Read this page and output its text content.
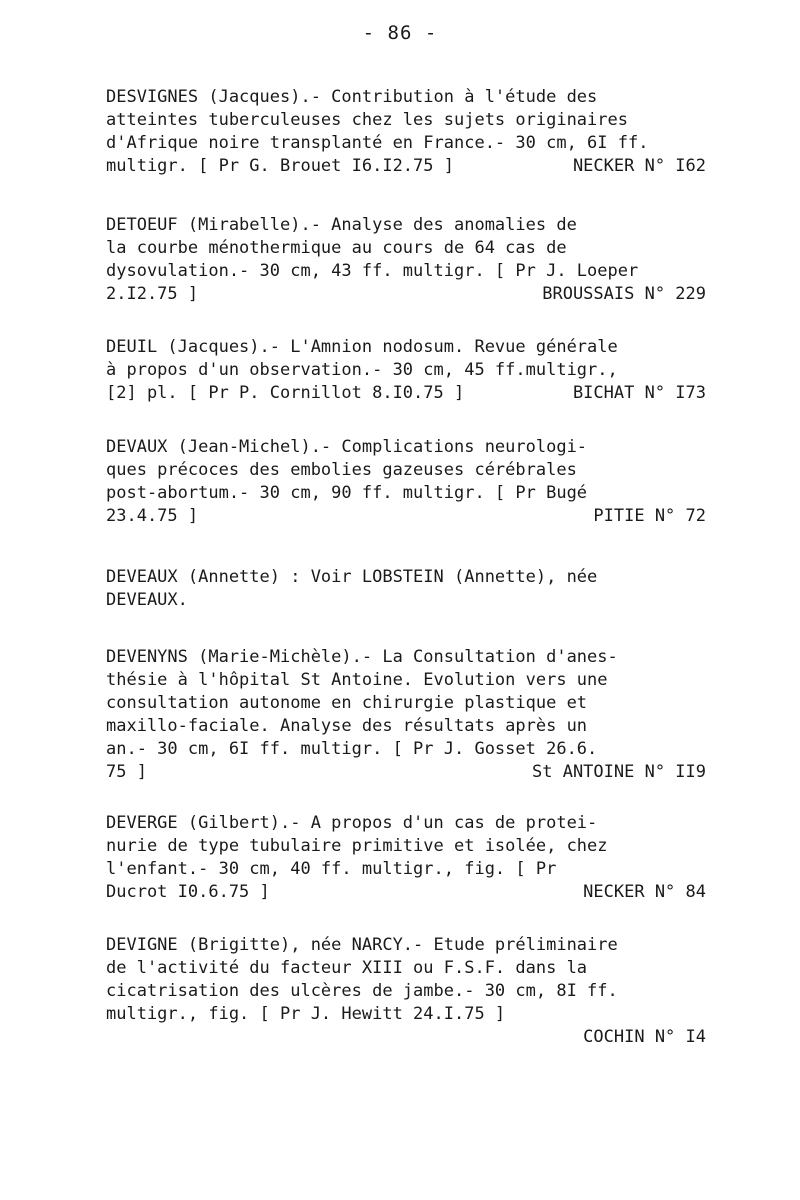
- 86 -
DESVIGNES (Jacques).- Contribution à l'étude des
atteintes tuberculeuses chez les sujets originaires
d'Afrique noire transplanté en France.- 30 cm, 6I ff.
multigr. [ Pr G. Brouet I6.I2.75 ]	NECKER N° I62
DETOEUF (Mirabelle).- Analyse des anomalies de
la courbe ménothermique au cours de 64 cas de
dysovulation.- 30 cm, 43 ff. multigr. [ Pr J. Loeper
2.I2.75 ]	BROUSSAIS N° 229
DEUIL (Jacques).- L'Amnion nodosum. Revue générale
à propos d'un observation.- 30 cm, 45 ff.multigr.,
[2] pl. [ Pr P. Cornillot 8.I0.75 ]	BICHAT N° I73
DEVAUX (Jean-Michel).- Complications neurologi-
ques précoces des embolies gazeuses cérébrales
post-abortum.- 30 cm, 90 ff. multigr. [ Pr Bugé
23.4.75 ]	PITIE N° 72
DEVEAUX (Annette) : Voir LOBSTEIN (Annette), née
DEVEAUX.
DEVENYNS (Marie-Michèle).- La Consultation d'anes-
thésie à l'hôpital St Antoine. Evolution vers une
consultation autonome en chirurgie plastique et
maxillo-faciale. Analyse des résultats après un
an.- 30 cm, 6I ff. multigr. [ Pr J. Gosset 26.6.
75 ]	St ANTOINE N° II9
DEVERGE (Gilbert).- A propos d'un cas de protei-
nurie de type tubulaire primitive et isolée, chez
l'enfant.- 30 cm, 40 ff. multigr., fig. [ Pr
Ducrot I0.6.75 ]	NECKER N° 84
DEVIGNE (Brigitte), née NARCY.- Etude préliminaire
de l'activité du facteur XIII ou F.S.F. dans la
cicatrisation des ulcères de jambe.- 30 cm, 8I ff.
multigr., fig. [ Pr J. Hewitt 24.I.75 ]
COCHIN N° I4
